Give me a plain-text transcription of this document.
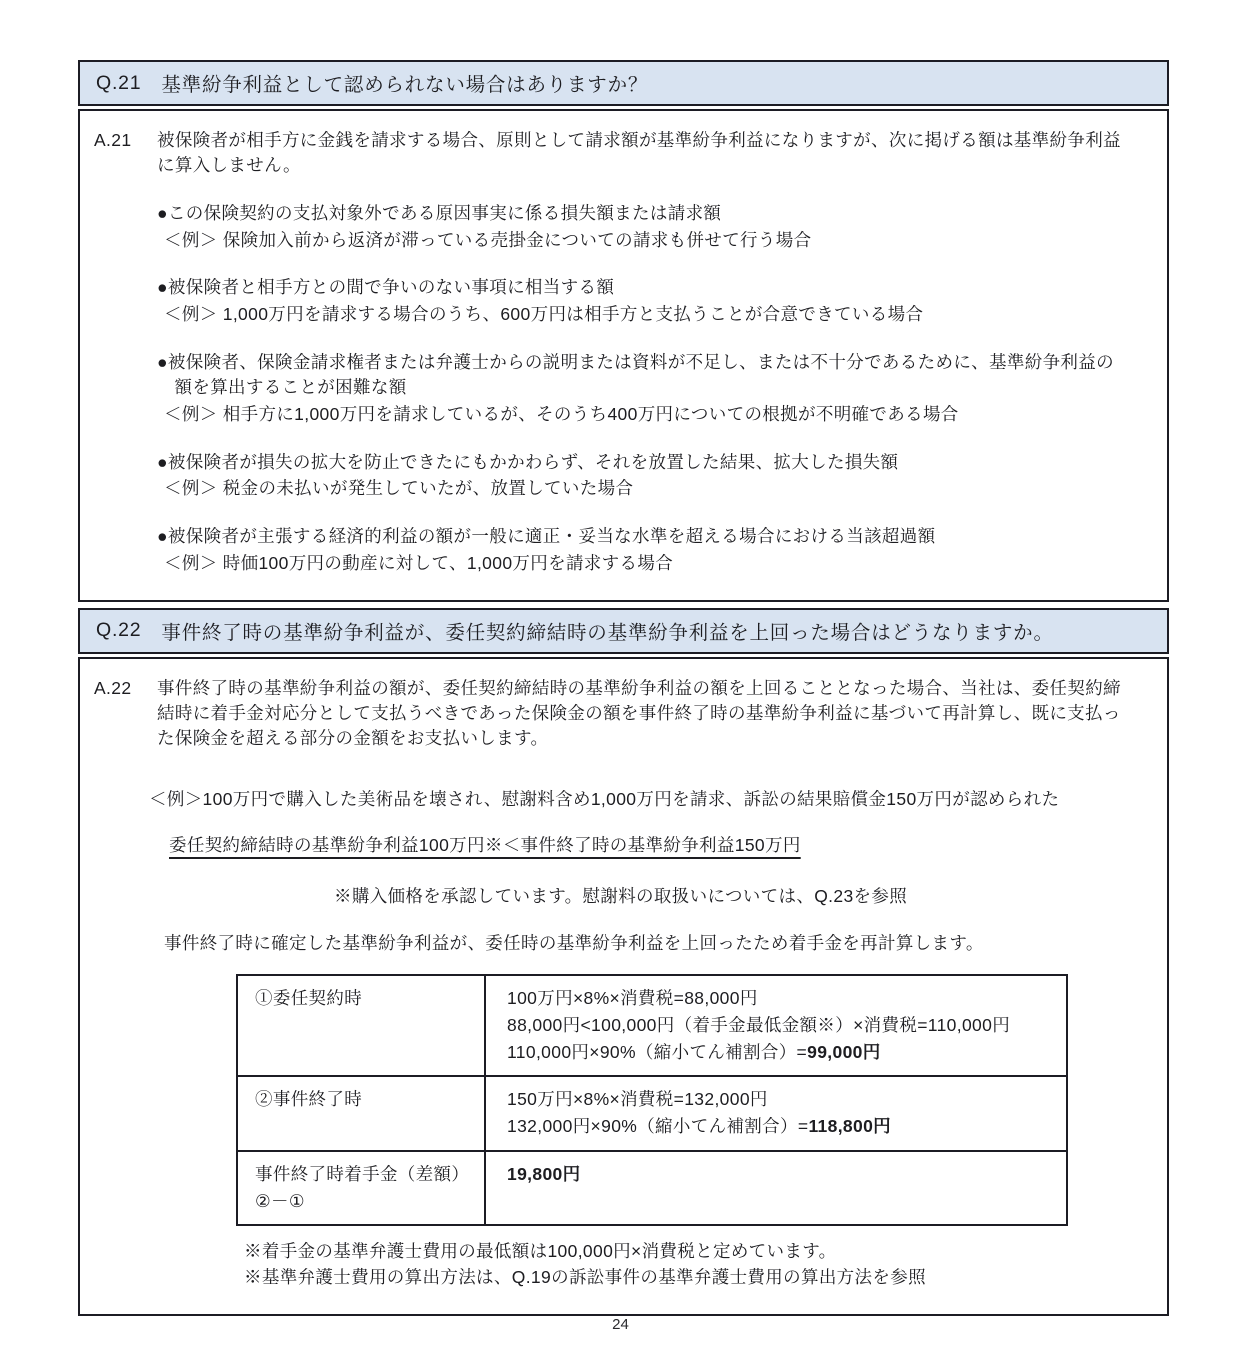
Q.21 基準紛争利益として認められない場合はありますか？
A.21	被保険者が相手方に金銭を請求する場合、原則として請求額が基準紛争利益になりますが、次に掲げる額は基準紛争利益に算入しません。
●この保険契約の支払対象外である原因事実に係る損失額または請求額
＜例＞ 保険加入前から返済が滞っている売掛金についての請求も併せて行う場合
●被保険者と相手方との間で争いのない事項に相当する額
＜例＞ 1,000万円を請求する場合のうち、600万円は相手方と支払うことが合意できている場合
●被保険者、保険金請求権者または弁護士からの説明または資料が不足し、または不十分であるために、基準紛争利益の額を算出することが困難な額
＜例＞ 相手方に1,000万円を請求しているが、そのうち400万円についての根拠が不明確である場合
●被保険者が損失の拡大を防止できたにもかかわらず、それを放置した結果、拡大した損失額
＜例＞ 税金の未払いが発生していたが、放置していた場合
●被保険者が主張する経済的利益の額が一般に適正・妥当な水準を超える場合における当該超過額
＜例＞ 時価100万円の動産に対して、1,000万円を請求する場合
Q.22 事件終了時の基準紛争利益が、委任契約締結時の基準紛争利益を上回った場合はどうなりますか。
A.22	事件終了時の基準紛争利益の額が、委任契約締結時の基準紛争利益の額を上回ることとなった場合、当社は、委任契約締結時に着手金対応分として支払うべきであった保険金の額を事件終了時の基準紛争利益に基づいて再計算し、既に支払った保険金を超える部分の金額をお支払いします。
＜例＞100万円で購入した美術品を壊され、慰謝料含め1,000万円を請求、訴訟の結果賠償金150万円が認められた
委任契約締結時の基準紛争利益100万円※＜事件終了時の基準紛争利益150万円
※購入価格を承認しています。慰謝料の取扱いについては、Q.23を参照
事件終了時に確定した基準紛争利益が、委任時の基準紛争利益を上回ったため着手金を再計算します。
①委任契約時	100万円×8%×消費税=88,000円
88,000円<100,000円（着手金最低金額※）×消費税=110,000円
110,000円×90%（縮小てん補割合）=99,000円

②事件終了時	150万円×8%×消費税=132,000円
132,000円×90%（縮小てん補割合）=118,800円

事件終了時着手金（差額）
②－①	19,800円
※着手金の基準弁護士費用の最低額は100,000円×消費税と定めています。
※基準弁護士費用の算出方法は、Q.19の訴訟事件の基準弁護士費用の算出方法を参照
24
